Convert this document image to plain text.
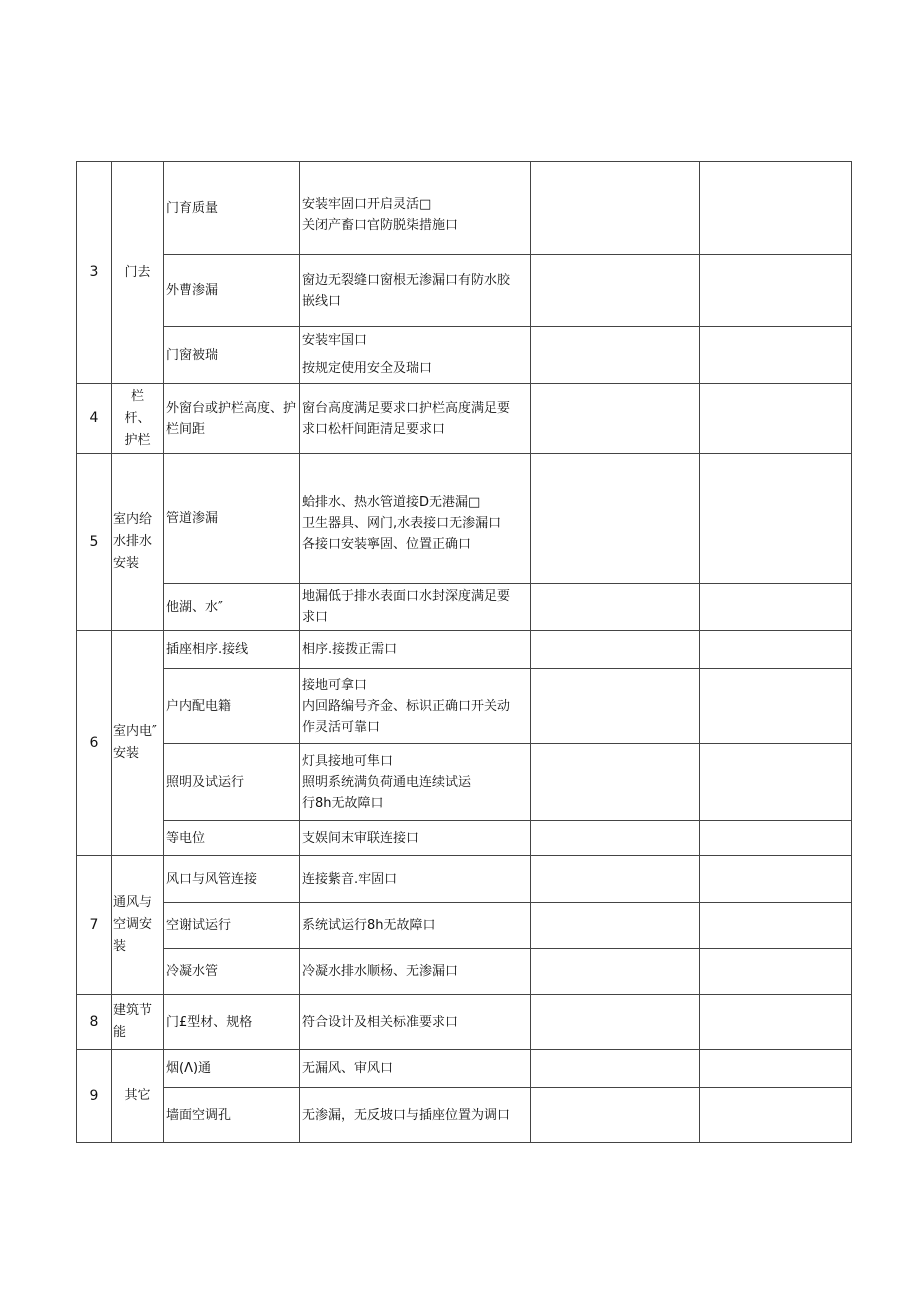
3	门去	门育质量	安装牢固口开启灵活□
关闭产畜口官防脱柒措施口		

		外曹渗漏	窗边无裂缝口窗根无渗漏口有防水胶
嵌线口		

		门窗被瑞	安装牢国口
按规定使用安全及瑞口		

4	栏杆、护栏	外窗台或护栏高度、护栏间距	窗台高度满足要求口护栏高度满足要
求口松杆间距清足要求口		

5	室内给水排水安装	管道渗漏	蛤排水、热水管道接D无港漏□
卫生器具、网门,水表接口无渗漏口
各接口安装寧固、位置正确口		

		他湖、水″	地漏低于排水表面口水封深度满足要
求口		

6	室内电″安装	插座相序.接线	相序.接拨正需口		

		户内配电籍	接地可拿口
内回路编号齐金、标识正确口开关动
作灵活可靠口		

		照明及试运行	灯具接地可隼口
照明系统满负荷通电连续试运
行8h无故障口		

		等电位	支娱间末审联连接口		

7	通风与空调安装	风口与风管连接	连接紫音.牢固口		

		空谢试运行	系统试运行8h无故障口		

		冷凝水管	冷凝水排水顺杨、无渗漏口		

8	建筑节能	门£型材、规格	符合设计及相关标准要求口		

9	其它	烟(Λ)通	无漏风、审风口		

		墙面空调孔	无渗漏，无反坡口与插座位置为调口		
